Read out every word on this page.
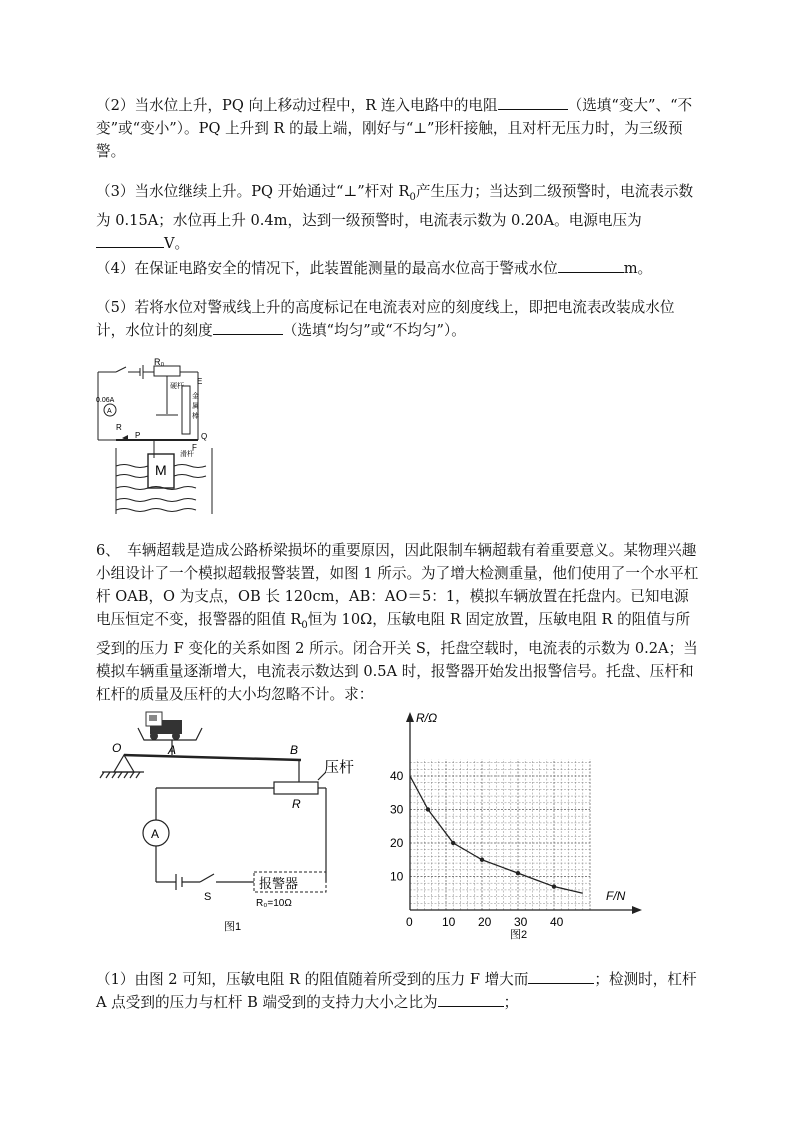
（2）当水位上升，PQ 向上移动过程中，R 连入电路中的电阻	（选填“变大”、“不变”或“变小”）。PQ 上升到 R 的最上端，刚好与“⊥”形杆接触，且对杆无压力时，为三级预警。
（3）当水位继续上升。PQ 开始通过“⊥”杆对 $R_0$产生压力；当达到二级预警时，电流表示数为 0.15A；水位再上升 0.4m，达到一级预警时，电流表示数为 0.20A。电源电压为V。
（4）在保证电路安全的情况下，此装置能测量的最高水位高于警戒水位	m。
（5）若将水位对警戒线上升的高度标记在电流表对应的刻度线上，即把电流表改装成水位计，水位计的刻度	（选填“均匀”或“不均匀”）。
R₀
硬杆
E
金
属
棒
0.06A
A
R
P	Q
F
滑杆
M
6、　车辆超载是造成公路桥梁损坏的重要原因，因此限制车辆超载有着重要意义。某物理兴趣小组设计了一个模拟超载报警装置，如图 1 所示。为了增大检测重量，他们使用了一个水平杠杆 OAB，O 为支点，OB 长 120cm，AB：AO＝5：1，模拟车辆放置在托盘内。已知电源电压恒定不变，报警器的阻值 $R_0$恒为 10Ω，压敏电阻 R 固定放置，压敏电阻 R 的阻值与所受到的压力 F 变化的关系如图 2 所示。闭合开关 S，托盘空载时，电流表的示数为 0.2A；当模拟车辆重量逐渐增大，电流表示数达到 0.5A 时，报警器开始发出报警信号。托盘、压杆和杠杆的质量及压杆的大小均忽略不计。求：
O	A	B
压杆
R
A
S
报警器
R₀=10Ω
图1
R/Ω
F/N
40
30
20
10
0 10 20 30 40
图2
（1）由图 2 可知，压敏电阻 R 的阻值随着所受到的压力 F 增大而	；检测时，杠杆 A 点受到的压力与杠杆 B 端受到的支持力大小之比为	；
